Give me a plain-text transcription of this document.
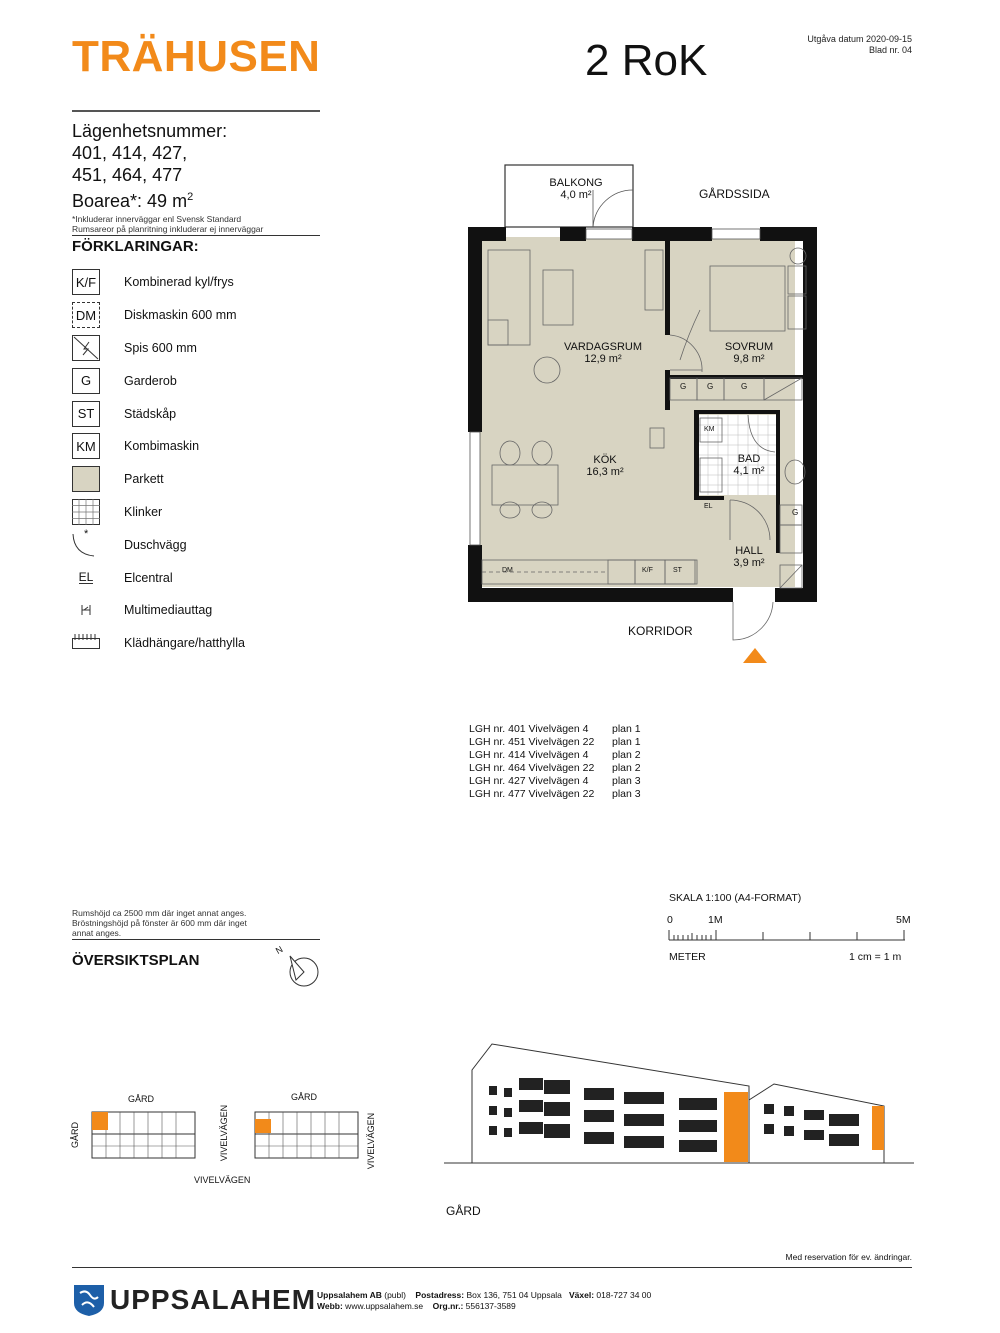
TRÄHUSEN	2 RoK	Utgåva datum 2020-09-15
Blad nr. 04
Lägenhetsnummer:
401, 414, 427,
451, 464, 477
Boarea*: 49 $m^2$
*Inkluderar innerväggar enl Svensk Standard
Rumsareor på planritning inkluderar ej innerväggar
FÖRKLARINGAR:
K/F	Kombinerad kyl/frys
DM	Diskmaskin 600 mm
Spis 600 mm
G	Garderob
ST	Städskåp
KM	Kombimaskin
Parkett
Klinker
*
Duschvägg
EL Elcentral
Multimediauttag
Klädhängare/hatthylla
BALKONG
4,0 m²	GÅRDSSIDA
VARDAGSRUM
12,9 m²
SOVRUM
9,8 m²
KÖK
16,3 m²
BAD
4,1 m²
HALL
3,9 m²
KORRIDOR
G	G	G
G
KM
EL
DM	K/F	ST
LGH nr. 401 Vivelvägen 4	plan 1
LGH nr. 451 Vivelvägen 22	plan 1
LGH nr. 414 Vivelvägen 4	plan 2
LGH nr. 464 Vivelvägen 22	plan 2
LGH nr. 427 Vivelvägen 4	plan 3
LGH nr. 477 Vivelvägen 22	plan 3
Rumshöjd ca 2500 mm där inget annat anges.
Bröstningshöjd på fönster är 600 mm där inget
annat anges.
ÖVERSIKTSPLAN
N
SKALA 1:100 (A4-FORMAT)
0	1M	5M
METER	1 cm = 1 m
GÅRD	GÅRD
GÅRD	VIVELVÄGEN	VIVELVÄGEN
VIVELVÄGEN
GÅRD
Med reservation för ev. ändringar.
UPPSALAHEM Uppsalahem AB (publ) Postadress: Box 136, 751 04 Uppsala Växel: 018-727 34 00
Webb: www.uppsalahem.se Org.nr.: 556137-3589
